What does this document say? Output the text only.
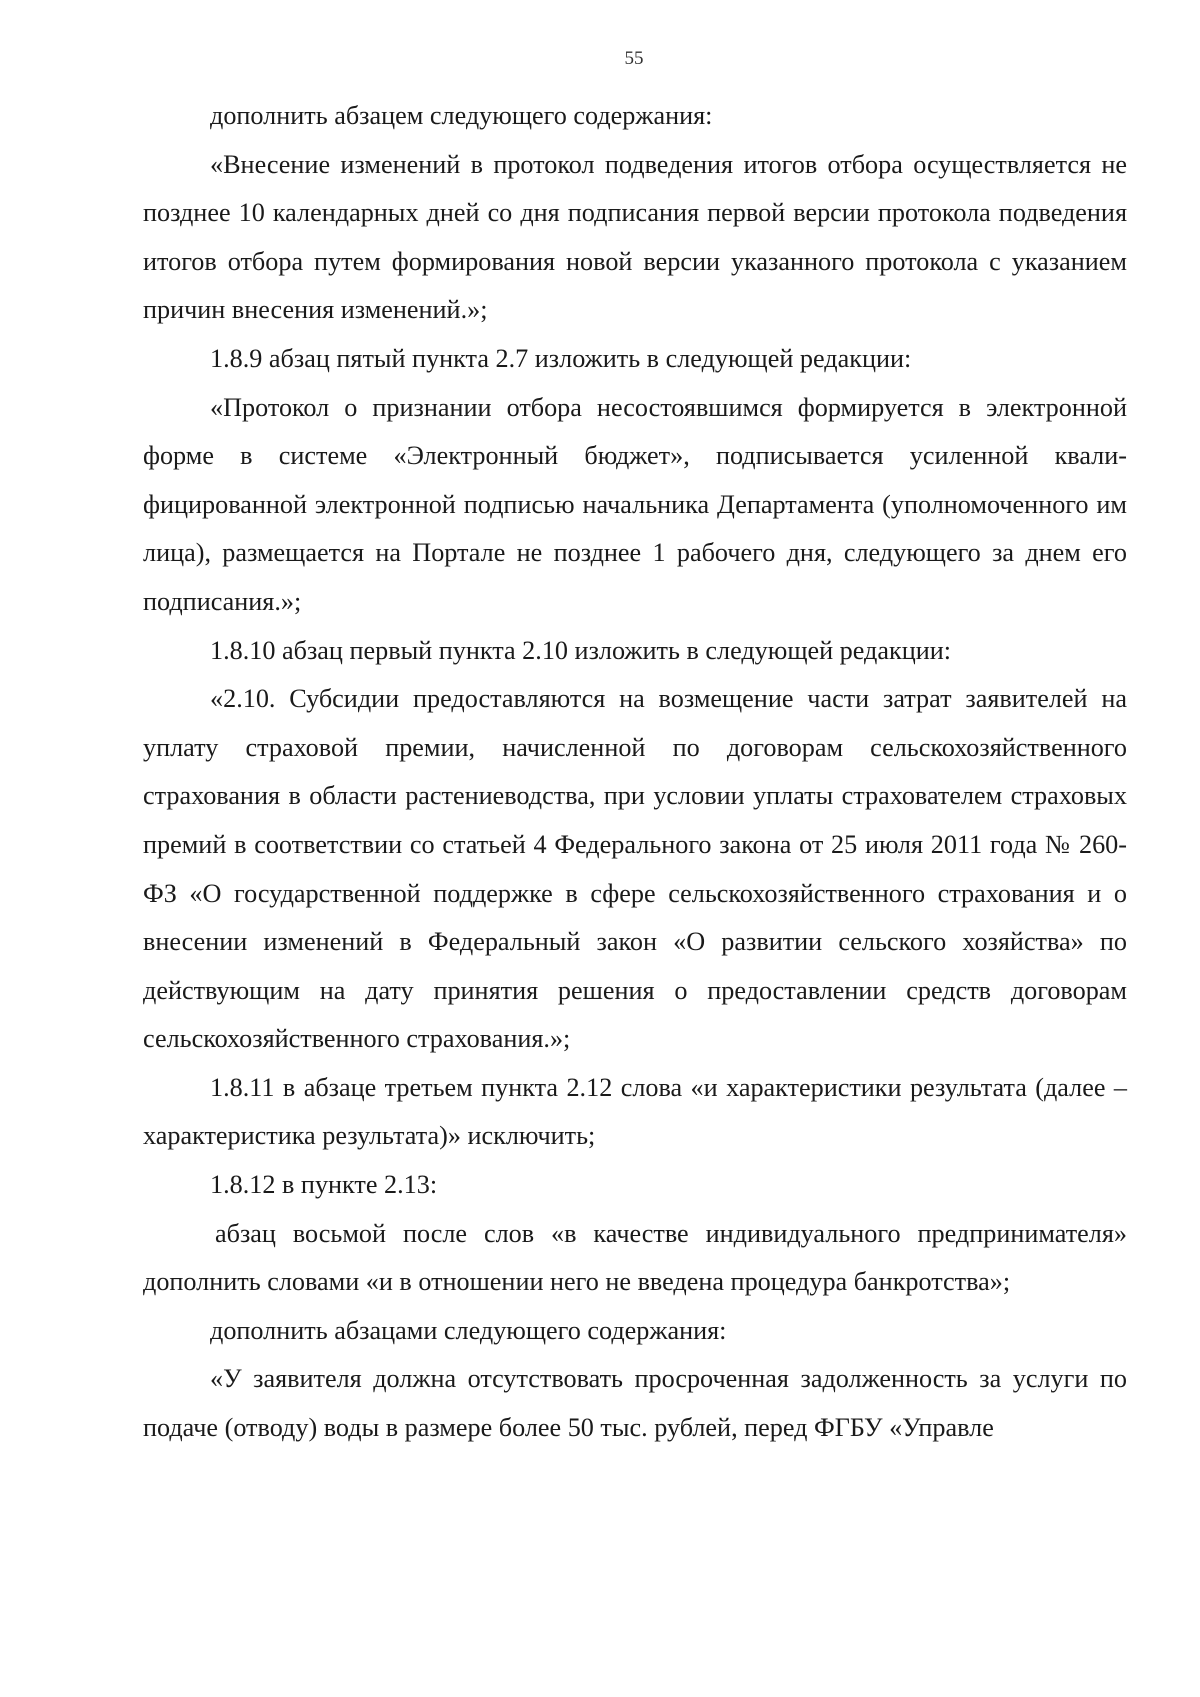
55

дополнить абзацем следующего содержания:

«Внесение изменений в протокол подведения итогов отбора осуществляется не позднее 10 календарных дней со дня подписания первой версии протокола подведения итогов отбора путем формирования новой версии указанного протокола с указанием причин внесения изменений.»;

1.8.9 абзац пятый пункта 2.7 изложить в следующей редакции:

«Протокол о признании отбора несостоявшимся формируется в электронной форме в системе «Электронный бюджет», подписывается усиленной квалифицированной электронной подписью начальника Департамента (уполномоченного им лица), размещается на Портале не позднее 1 рабочего дня, следующего за днем его подписания.»;

1.8.10 абзац первый пункта 2.10 изложить в следующей редакции:

«2.10. Субсидии предоставляются на возмещение части затрат заявителей на уплату страховой премии, начисленной по договорам сельскохозяйственного страхования в области растениеводства, при условии уплаты страхователем страховых премий в соответствии со статьей 4 Федерального закона от 25 июля 2011 года № 260-ФЗ «О государственной поддержке в сфере сельскохозяйственного страхования и о внесении изменений в Федеральный закон «О развитии сельского хозяйства» по действующим на дату принятия решения о предоставлении средств договорам сельскохозяйственного страхования.»;

1.8.11 в абзаце третьем пункта 2.12 слова «и характеристики результата (далее – характеристика результата)» исключить;

1.8.12 в пункте 2.13:

абзац восьмой после слов «в качестве индивидуального предпринимателя» дополнить словами «и в отношении него не введена процедура банкротства»;

дополнить абзацами следующего содержания:

«У заявителя должна отсутствовать просроченная задолженность за услуги по подаче (отводу) воды в размере более 50 тыс. рублей, перед ФГБУ «Управле
